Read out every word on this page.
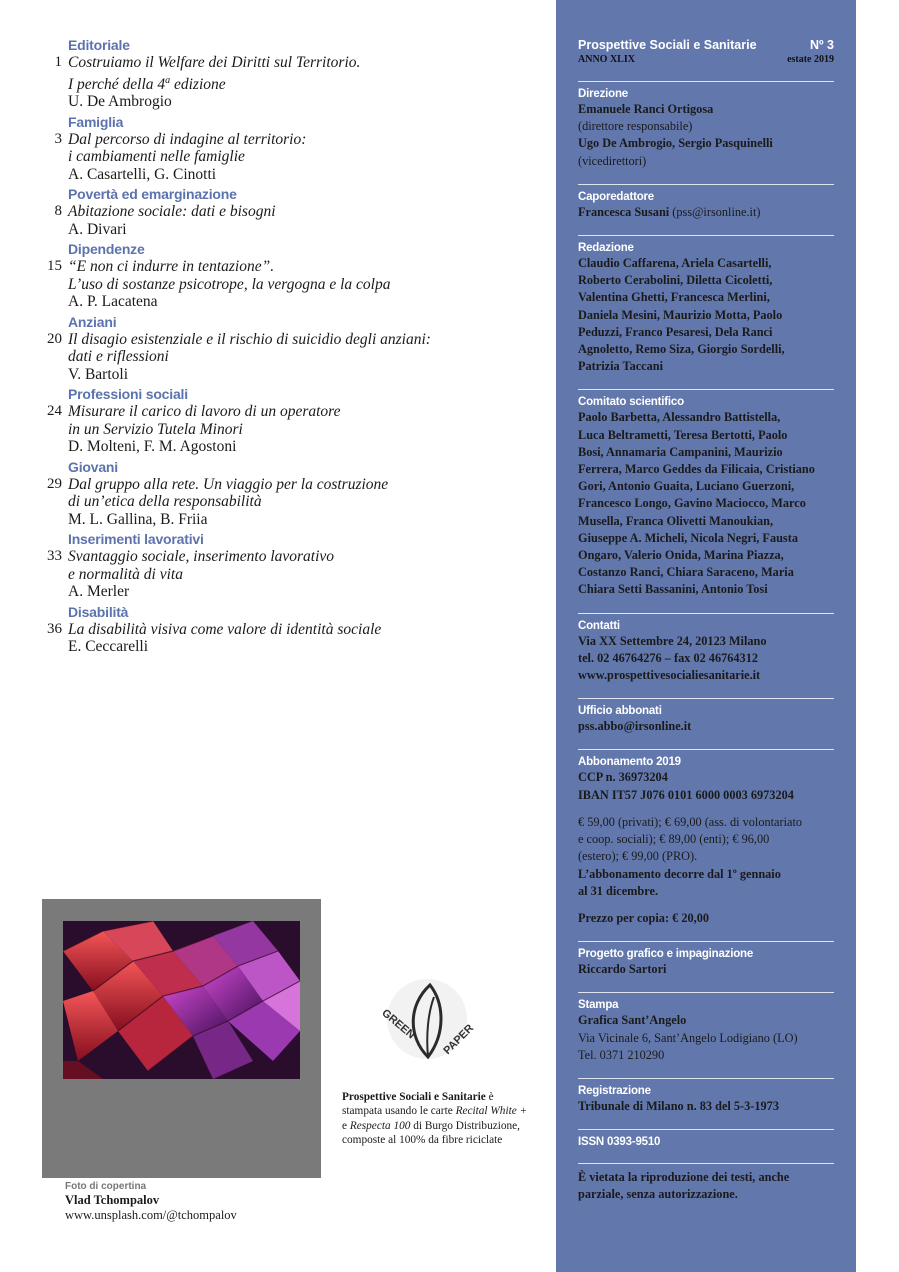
Editoriale
1 Costruiamo il Welfare dei Diritti sul Territorio.
I perché della 4$^a$ edizione
U. De Ambrogio
Famiglia
3 Dal percorso di indagine al territorio:
i cambiamenti nelle famiglie
A. Casartelli, G. Cinotti
Povertà ed emarginazione
8 Abitazione sociale: dati e bisogni
A. Divari
Dipendenze
15 “E non ci indurre in tentazione”.
L’uso di sostanze psicotrope, la vergogna e la colpa
A. P. Lacatena
Anziani
20 Il disagio esistenziale e il rischio di suicidio degli anziani:
dati e riflessioni
V. Bartoli
Professioni sociali
24 Misurare il carico di lavoro di un operatore
in un Servizio Tutela Minori
D. Molteni, F. M. Agostoni
Giovani
29 Dal gruppo alla rete. Un viaggio per la costruzione
di un’etica della responsabilità
M. L. Gallina, B. Friia
Inserimenti lavorativi
33 Svantaggio sociale, inserimento lavorativo
e normalità di vita
A. Merler
Disabilità
36 La disabilità visiva come valore di identità sociale
E. Ceccarelli
Prospettive Sociali e Sanitarie	Nº 3
ANNO XLIX	estate 2019
Direzione
Emanuele Ranci Ortigosa
(direttore responsabile)
Ugo De Ambrogio, Sergio Pasquinelli
(vicedirettori)
Caporedattore
Francesca Susani (pss@irsonline.it)
Redazione
Claudio Caffarena, Ariela Casartelli,
Roberto Cerabolini, Diletta Cicoletti,
Valentina Ghetti, Francesca Merlini,
Daniela Mesini, Maurizio Motta, Paolo
Peduzzi, Franco Pesaresi, Dela Ranci
Agnoletto, Remo Siza, Giorgio Sordelli,
Patrizia Taccani
Comitato scientifico
Paolo Barbetta, Alessandro Battistella,
Luca Beltrametti, Teresa Bertotti, Paolo
Bosi, Annamaria Campanini, Maurizio
Ferrera, Marco Geddes da Filicaia, Cristiano
Gori, Antonio Guaita, Luciano Guerzoni,
Francesco Longo, Gavino Maciocco, Marco
Musella, Franca Olivetti Manoukian,
Giuseppe A. Micheli, Nicola Negri, Fausta
Ongaro, Valerio Onida, Marina Piazza,
Costanzo Ranci, Chiara Saraceno, Maria
Chiara Setti Bassanini, Antonio Tosi
Contatti
Via XX Settembre 24, 20123 Milano
tel. 02 46764276 – fax 02 46764312
www.prospettivesocialiesanitarie.it
Ufficio abbonati
pss.abbo@irsonline.it
Abbonamento 2019
CCP n. 36973204
IBAN IT57 J076 0101 6000 0003 6973204
€ 59,00 (privati); € 69,00 (ass. di volontariato
e coop. sociali); € 89,00 (enti); € 96,00
(estero); € 99,00 (PRO).
L’abbonamento decorre dal 1º gennaio
al 31 dicembre.
Prezzo per copia: € 20,00
Progetto grafico e impaginazione
Riccardo Sartori
Stampa
Grafica Sant’Angelo
Via Vicinale 6, Sant’Angelo Lodigiano (LO)
Tel. 0371 210290
Registrazione
Tribunale di Milano n. 83 del 5-3-1973
ISSN 0393-9510
È vietata la riproduzione dei testi, anche
parziale, senza autorizzazione.
Foto di copertina
Vlad Tchompalov
www.unsplash.com/@tchompalov
GREEN PAPER
Prospettive Sociali e Sanitarie è stampata usando le carte Recital White + e Respecta 100 di Burgo Distribuzione, composte al 100% da fibre riciclate
